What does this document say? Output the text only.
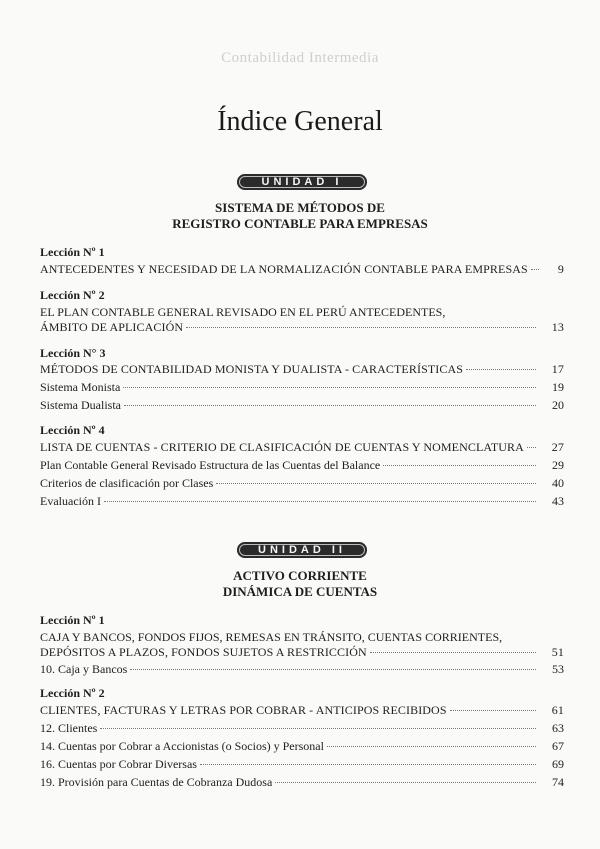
Contabilidad Intermedia
Índice General
UNIDAD I
SISTEMA DE MÉTODOS DE
REGISTRO CONTABLE PARA EMPRESAS
Lección Nº 1
ANTECEDENTES Y NECESIDAD DE LA NORMALIZACIÓN CONTABLE PARA EMPRESAS	9
Lección Nº 2
EL PLAN CONTABLE GENERAL REVISADO EN EL PERÚ ANTECEDENTES,
ÁMBITO DE APLICACIÓN	13
Lección N° 3
MÉTODOS DE CONTABILIDAD MONISTA Y DUALISTA - CARACTERÍSTICAS	17
Sistema Monista	19
Sistema Dualista	20
Lección Nº 4
LISTA DE CUENTAS - CRITERIO DE CLASIFICACIÓN DE CUENTAS Y NOMENCLATURA	27
Plan Contable General Revisado Estructura de las Cuentas del Balance	29
Criterios de clasificación por Clases	40
Evaluación I	43
UNIDAD II
ACTIVO CORRIENTE
DINÁMICA DE CUENTAS
Lección Nº 1
CAJA Y BANCOS, FONDOS FIJOS, REMESAS EN TRÁNSITO, CUENTAS CORRIENTES,
DEPÓSITOS A PLAZOS, FONDOS SUJETOS A RESTRICCIÓN	51
10. Caja y Bancos	53
Lección Nº 2
CLIENTES, FACTURAS Y LETRAS POR COBRAR - ANTICIPOS RECIBIDOS	61
12. Clientes	63
14. Cuentas por Cobrar a Accionistas (o Socios) y Personal	67
16. Cuentas por Cobrar Diversas	69
19. Provisión para Cuentas de Cobranza Dudosa	74
